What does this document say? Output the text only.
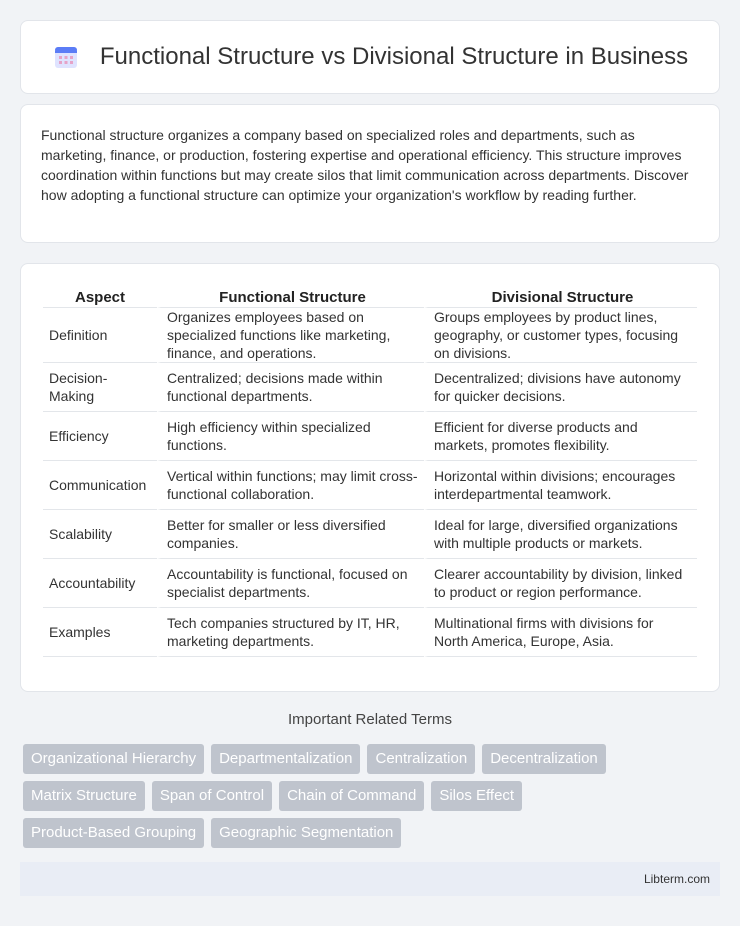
Functional Structure vs Divisional Structure in Business

Functional structure organizes a company based on specialized roles and departments, such as marketing, finance, or production, fostering expertise and operational efficiency. This structure improves coordination within functions but may create silos that limit communication across departments. Discover how adopting a functional structure can optimize your organization's workflow by reading further.

Aspect	Functional Structure	Divisional Structure
Definition	Organizes employees based on specialized functions like marketing, finance, and operations.	Groups employees by product lines, geography, or customer types, focusing on divisions.
Decision-Making	Centralized; decisions made within functional departments.	Decentralized; divisions have autonomy for quicker decisions.
Efficiency	High efficiency within specialized functions.	Efficient for diverse products and markets, promotes flexibility.
Communication	Vertical within functions; may limit cross-functional collaboration.	Horizontal within divisions; encourages interdepartmental teamwork.
Scalability	Better for smaller or less diversified companies.	Ideal for large, diversified organizations with multiple products or markets.
Accountability	Accountability is functional, focused on specialist departments.	Clearer accountability by division, linked to product or region performance.
Examples	Tech companies structured by IT, HR, marketing departments.	Multinational firms with divisions for North America, Europe, Asia.
Important Related Terms
Organizational Hierarchy	Departmentalization	Centralization	Decentralization
Matrix Structure	Span of Control	Chain of Command	Silos Effect
Product-Based Grouping	Geographic Segmentation
Libterm.com
